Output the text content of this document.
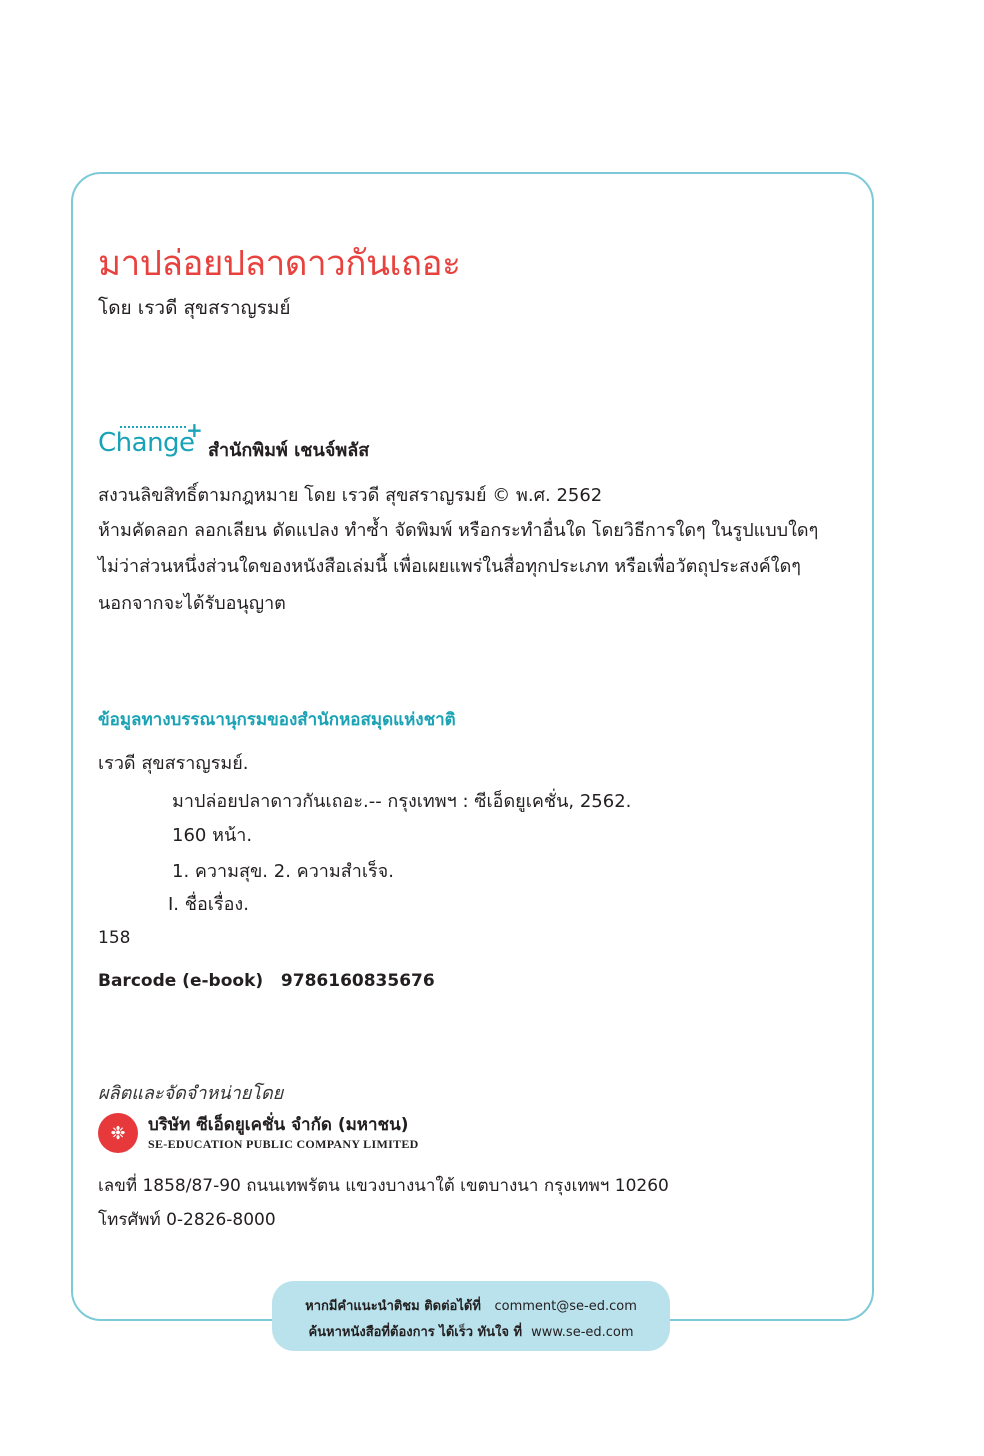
มาปล่อยปลาดาวกันเถอะ
โดย เรวดี สุขสราญรมย์
Change
+
สำนักพิมพ์ เชนจ์พลัส
สงวนลิขสิทธิ์ตามกฎหมาย โดย เรวดี สุขสราญรมย์ © พ.ศ. 2562
ห้ามคัดลอก ลอกเลียน ดัดแปลง ทำซ้ำ จัดพิมพ์ หรือกระทำอื่นใด โดยวิธีการใดๆ ในรูปแบบใดๆ
ไม่ว่าส่วนหนึ่งส่วนใดของหนังสือเล่มนี้ เพื่อเผยแพร่ในสื่อทุกประเภท หรือเพื่อวัตถุประสงค์ใดๆ
นอกจากจะได้รับอนุญาต
ข้อมูลทางบรรณานุกรมของสำนักหอสมุดแห่งชาติ
เรวดี สุขสราญรมย์.
มาปล่อยปลาดาวกันเถอะ.-- กรุงเทพฯ : ซีเอ็ดยูเคชั่น, 2562.
160 หน้า.
1. ความสุข. 2. ความสำเร็จ.
I. ชื่อเรื่อง.
158
Barcode (e-book) 9786160835676
ผลิตและจัดจำหน่ายโดย
❉	บริษัท ซีเอ็ดยูเคชั่น จำกัด (มหาชน)
SE-EDUCATION PUBLIC COMPANY LIMITED
เลขที่ 1858/87-90 ถนนเทพรัตน แขวงบางนาใต้ เขตบางนา กรุงเทพฯ 10260
โทรศัพท์ 0-2826-8000
หากมีคำแนะนำติชม ติดต่อได้ที่ comment@se-ed.com
ค้นหาหนังสือที่ต้องการ ได้เร็ว ทันใจ ที่ www.se-ed.com
